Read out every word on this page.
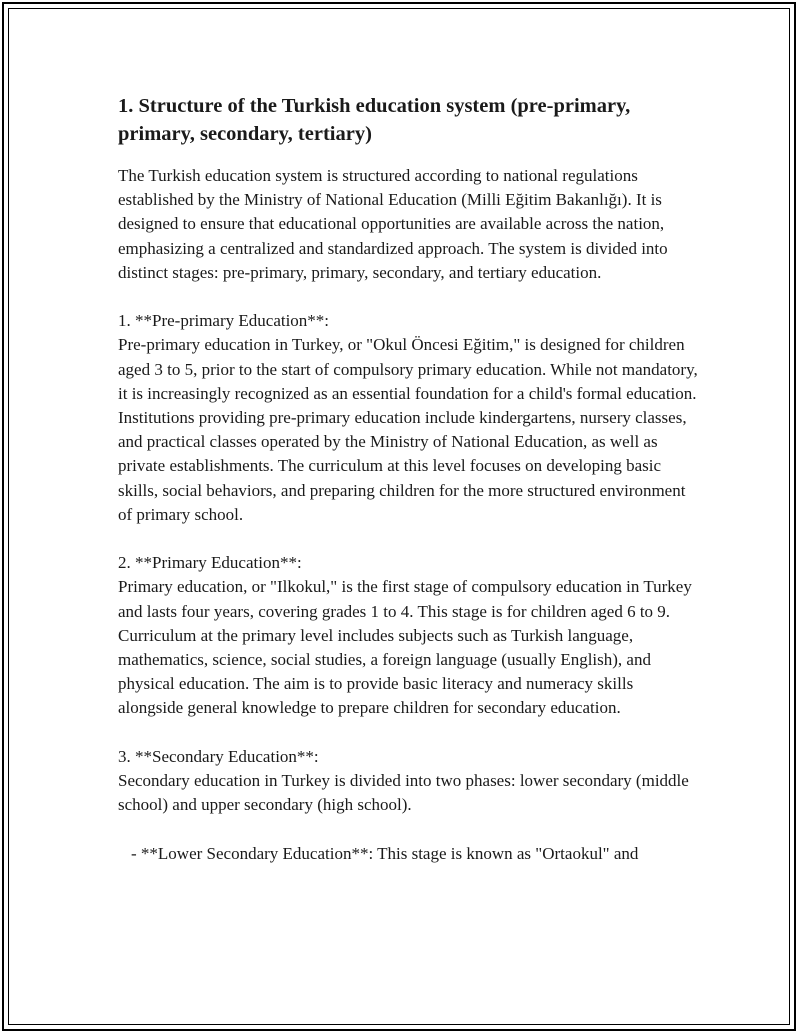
1. Structure of the Turkish education system (pre-primary, primary, secondary, tertiary)

The Turkish education system is structured according to national regulations established by the Ministry of National Education (Milli Eğitim Bakanlığı). It is designed to ensure that educational opportunities are available across the nation, emphasizing a centralized and standardized approach. The system is divided into distinct stages: pre-primary, primary, secondary, and tertiary education.

1. **Pre-primary Education**:

Pre-primary education in Turkey, or "Okul Öncesi Eğitim," is designed for children aged 3 to 5, prior to the start of compulsory primary education. While not mandatory, it is increasingly recognized as an essential foundation for a child's formal education. Institutions providing pre-primary education include kindergartens, nursery classes, and practical classes operated by the Ministry of National Education, as well as private establishments. The curriculum at this level focuses on developing basic skills, social behaviors, and preparing children for the more structured environment of primary school.

2. **Primary Education**:

Primary education, or "Ilkokul," is the first stage of compulsory education in Turkey and lasts four years, covering grades 1 to 4. This stage is for children aged 6 to 9. Curriculum at the primary level includes subjects such as Turkish language, mathematics, science, social studies, a foreign language (usually English), and physical education. The aim is to provide basic literacy and numeracy skills alongside general knowledge to prepare children for secondary education.

3. **Secondary Education**:

Secondary education in Turkey is divided into two phases: lower secondary (middle school) and upper secondary (high school).

- **Lower Secondary Education**: This stage is known as "Ortaokul" and
